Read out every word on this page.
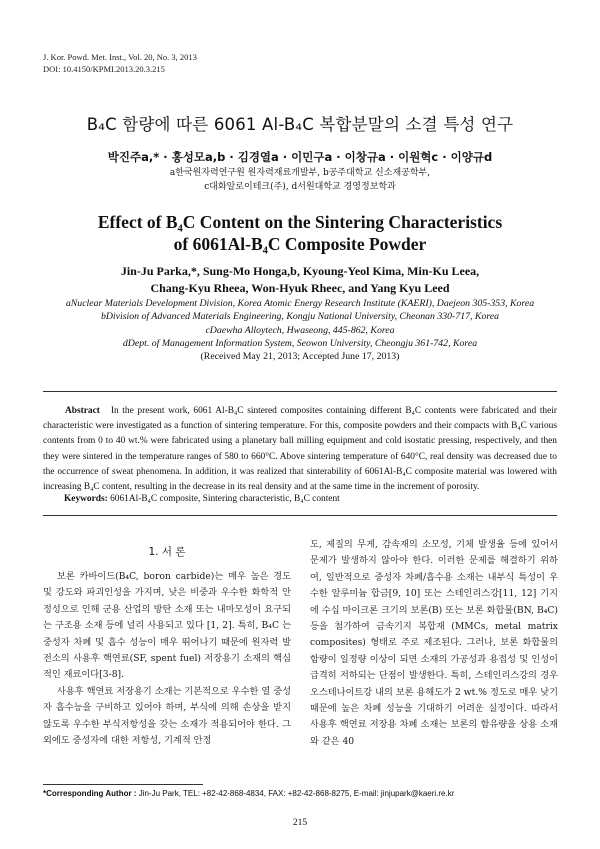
J. Kor. Powd. Met. Inst., Vol. 20, No. 3, 2013
DOI: 10.4150/KPMI.2013.20.3.215
B₄C 함량에 따른 6061 Al-B₄C 복합분말의 소결 특성 연구
박진주a,* · 홍성모a,b · 김경열a · 이민구a · 이창규a · 이원혁c · 이양규d
a한국원자력연구원 원자력재료개발부, b공주대학교 신소재공학부,
c대화알로이테크(주), d서원대학교 경영정보학과
Effect of B₄C Content on the Sintering Characteristics
of 6061Al-B₄C Composite Powder
Jin-Ju Parka,*, Sung-Mo Honga,b, Kyoung-Yeol Kima, Min-Ku Leea,
Chang-Kyu Rheea, Won-Hyuk Rheec, and Yang Kyu Leed
aNuclear Materials Development Division, Korea Atomic Energy Research Institute (KAERI), Daejeon 305-353, Korea
bDivision of Advanced Materials Engineering, Kongju National University, Cheonan 330-717, Korea
cDaewha Alloytech, Hwaseong, 445-862, Korea
dDept. of Management Information System, Seowon University, Cheongju 361-742, Korea
(Received May 21, 2013; Accepted June 17, 2013)
Abstract In the present work, 6061 Al-B₄C sintered composites containing different B₄C contents were fabricated and their characteristic were investigated as a function of sintering temperature. For this, composite powders and their compacts with B₄C various contents from 0 to 40 wt.% were fabricated using a planetary ball milling equipment and cold isostatic pressing, respectively, and then they were sintered in the temperature ranges of 580 to 660°C. Above sintering temperature of 640°C, real density was decreased due to the occurrence of sweat phenomena. In addition, it was realized that sinterability of 6061Al-B₄C composite material was lowered with increasing B₄C content, resulting in the decrease in its real density and at the same time in the increment of porosity.
Keywords: 6061Al-B₄C composite, Sintering characteristic, B₄C content
1. 서 론

보론 카바이드(B₄C, boron carbide)는 매우 높은 경도 및 강도와 파괴인성을 가지며, 낮은 비중과 우수한 화학적 안정성으로 인해 군용 산업의 방탄 소재 또는 내마모성이 요구되는 구조용 소재 등에 널리 사용되고 있다 [1, 2]. 특히, B₄C 는 중성자 차폐 및 흡수 성능이 매우 뛰어나기 때문에 원자력 발전소의 사용후 핵연료(SF, spent fuel) 저장용기 소재의 핵심적인 재료이다[3-8].

사용후 핵연료 저장용기 소재는 기본적으로 우수한 열 중성자 흡수능을 구비하고 있어야 하며, 부식에 의해 손상을 받지 않도록 우수한 부식저항성을 갖는 소재가 적용되어야 한다. 그 외에도 중성자에 대한 저항성, 기계적 안정

도, 제질의 무게, 감속재의 소모성, 기체 발생율 등에 있어서 문제가 발생하지 않아야 한다. 이러한 문제를 해결하기 위하여, 일반적으로 중성자 차폐/흡수용 소재는 내부식 특성이 우수한 알루미늄 합금[9, 10] 또는 스테인리스강[11, 12] 기지에 수십 마이크론 크기의 보론(B) 또는 보론 화합물(BN, B₄C)등을 첨가하여 금속기지 복합재 (MMCs, metal matrix composites) 형태로 주로 제조된다. 그러나, 보론 화합물의 함량이 일정량 이상이 되면 소재의 가공성과 용접성 및 인성이 급격히 저하되는 단점이 발생한다. 특히, 스테인리스강의 경우 오스테나이트강 내의 보론 용해도가 2 wt.% 정도로 매우 낮기 때문에 높은 차폐 성능을 기대하기 어려운 실정이다. 따라서 사용후 핵연료 저장용 차폐 소재는 보론의 함유량을 상용 소재와 같은 40
*Corresponding Author : Jin-Ju Park, TEL: +82-42-868-4834, FAX: +82-42-868-8275, E-mail: jinjupark@kaeri.re.kr
215
